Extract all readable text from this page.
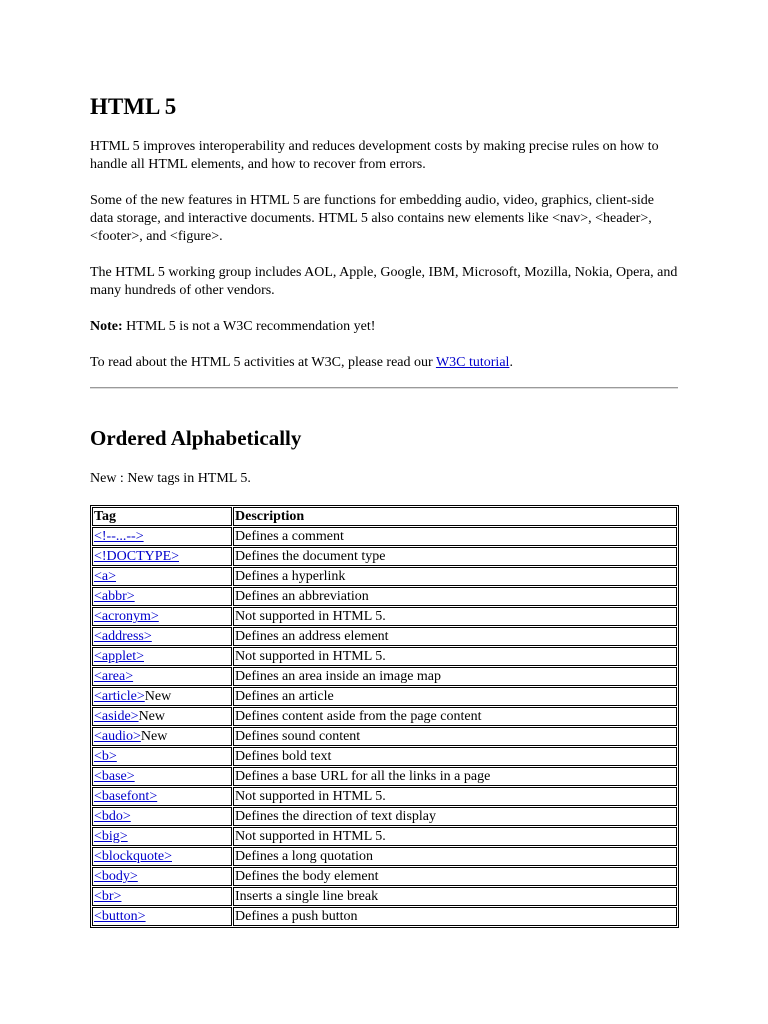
HTML 5

HTML 5 improves interoperability and reduces development costs by making precise rules on how to handle all HTML elements, and how to recover from errors.

Some of the new features in HTML 5 are functions for embedding audio, video, graphics, client-side data storage, and interactive documents. HTML 5 also contains new elements like <nav>, <header>, <footer>, and <figure>.

The HTML 5 working group includes AOL, Apple, Google, IBM, Microsoft, Mozilla, Nokia, Opera, and many hundreds of other vendors.

Note: HTML 5 is not a W3C recommendation yet!

To read about the HTML 5 activities at W3C, please read our W3C tutorial.

Ordered Alphabetically

New : New tags in HTML 5.

Tag	Description
<!--...-->	Defines a comment
<!DOCTYPE>	Defines the document type
<a>	Defines a hyperlink
<abbr>	Defines an abbreviation
<acronym>	Not supported in HTML 5.
<address>	Defines an address element
<applet>	Not supported in HTML 5.
<area>	Defines an area inside an image map
<article>New	Defines an article
<aside>New	Defines content aside from the page content
<audio>New	Defines sound content
<b>	Defines bold text
<base>	Defines a base URL for all the links in a page
<basefont>	Not supported in HTML 5.
<bdo>	Defines the direction of text display
<big>	Not supported in HTML 5.
<blockquote>	Defines a long quotation
<body>	Defines the body element
<br>	Inserts a single line break
<button>	Defines a push button
